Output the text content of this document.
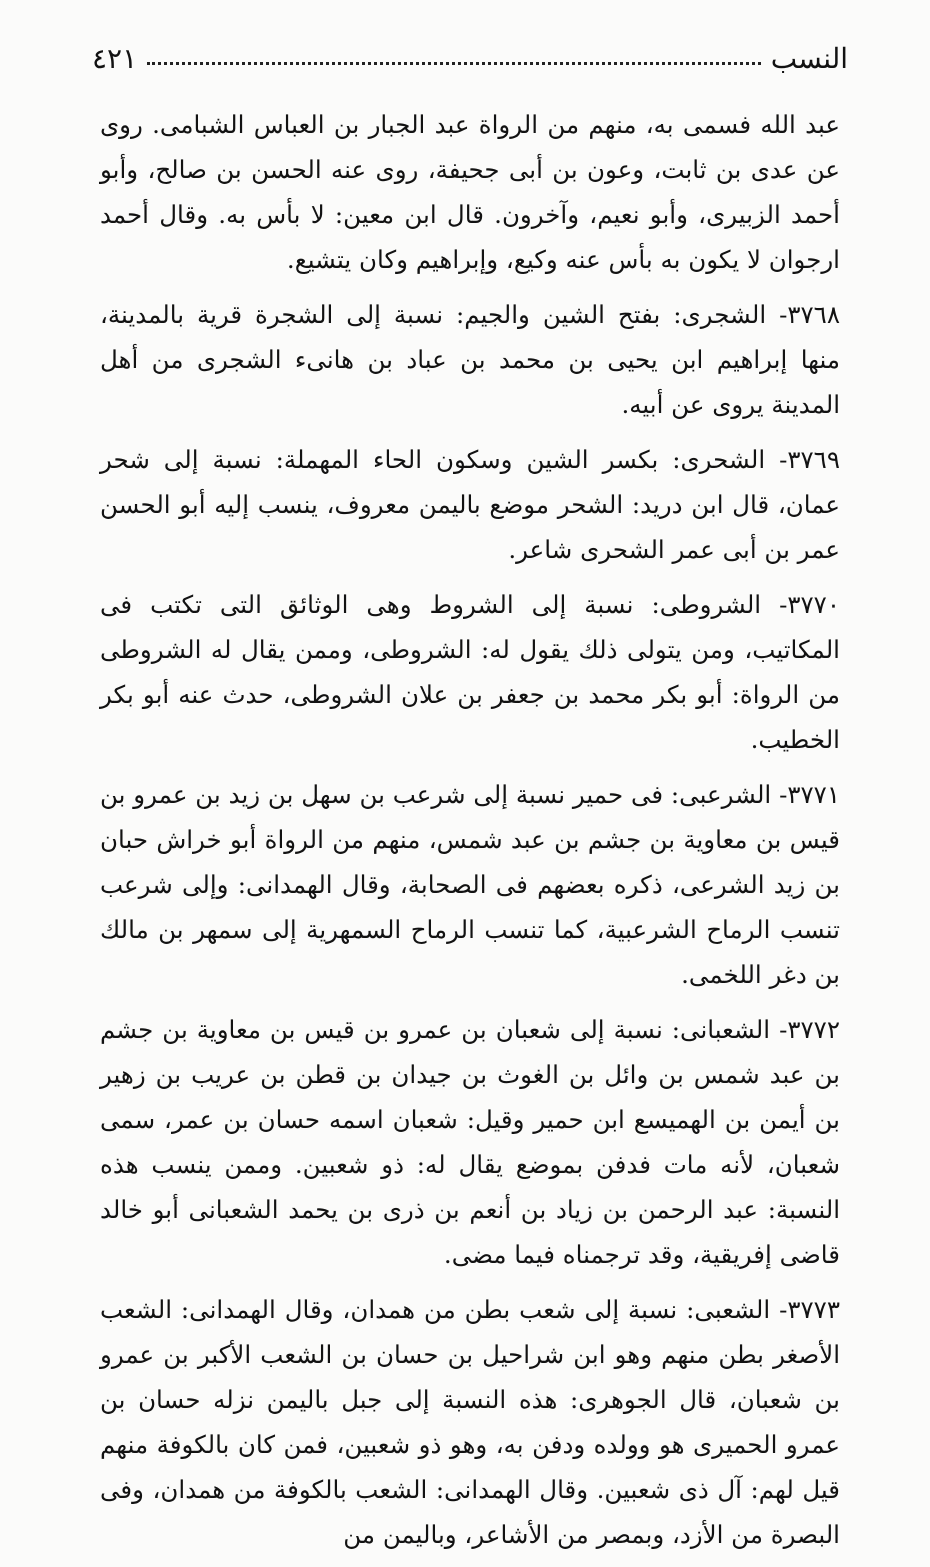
النسب
٤٢١

عبد الله فسمى به، منهم من الرواة عبد الجبار بن العباس الشبامى. روى عن عدى بن ثابت، وعون بن أبى جحيفة، روى عنه الحسن بن صالح، وأبو أحمد الزبيرى، وأبو نعيم، وآخرون. قال ابن معين: لا بأس به. وقال أحمد ارجوان لا يكون به بأس عنه وكيع، وإبراهيم وكان يتشيع.

٣٧٦٨- الشجرى: بفتح الشين والجيم: نسبة إلى الشجرة قرية بالمدينة، منها إبراهيم ابن يحيى بن محمد بن عباد بن هانىء الشجرى من أهل المدينة يروى عن أبيه.

٣٧٦٩- الشحرى: بكسر الشين وسكون الحاء المهملة: نسبة إلى شحر عمان، قال ابن دريد: الشحر موضع باليمن معروف، ينسب إليه أبو الحسن عمر بن أبى عمر الشحرى شاعر.

٣٧٧٠- الشروطى: نسبة إلى الشروط وهى الوثائق التى تكتب فى المكاتيب، ومن يتولى ذلك يقول له: الشروطى، وممن يقال له الشروطى من الرواة: أبو بكر محمد بن جعفر بن علان الشروطى، حدث عنه أبو بكر الخطيب.

٣٧٧١- الشرعبى: فى حمير نسبة إلى شرعب بن سهل بن زيد بن عمرو بن قيس بن معاوية بن جشم بن عبد شمس، منهم من الرواة أبو خراش حبان بن زيد الشرعى، ذكره بعضهم فى الصحابة، وقال الهمدانى: وإلى شرعب تنسب الرماح الشرعبية، كما تنسب الرماح السمهرية إلى سمهر بن مالك بن دغر اللخمى.

٣٧٧٢- الشعبانى: نسبة إلى شعبان بن عمرو بن قيس بن معاوية بن جشم بن عبد شمس بن وائل بن الغوث بن جيدان بن قطن بن عريب بن زهير بن أيمن بن الهميسع ابن حمير وقيل: شعبان اسمه حسان بن عمر، سمى شعبان، لأنه مات فدفن بموضع يقال له: ذو شعبين. وممن ينسب هذه النسبة: عبد الرحمن بن زياد بن أنعم بن ذرى بن يحمد الشعبانى أبو خالد قاضى إفريقية، وقد ترجمناه فيما مضى.

٣٧٧٣- الشعبى: نسبة إلى شعب بطن من همدان، وقال الهمدانى: الشعب الأصغر بطن منهم وهو ابن شراحيل بن حسان بن الشعب الأكبر بن عمرو بن شعبان، قال الجوهرى: هذه النسبة إلى جبل باليمن نزله حسان بن عمرو الحميرى هو وولده ودفن به، وهو ذو شعبين، فمن كان بالكوفة منهم قيل لهم: آل ذى شعبين. وقال الهمدانى: الشعب بالكوفة من همدان، وفى البصرة من الأزد، وبمصر من الأشاعر، وباليمن من
